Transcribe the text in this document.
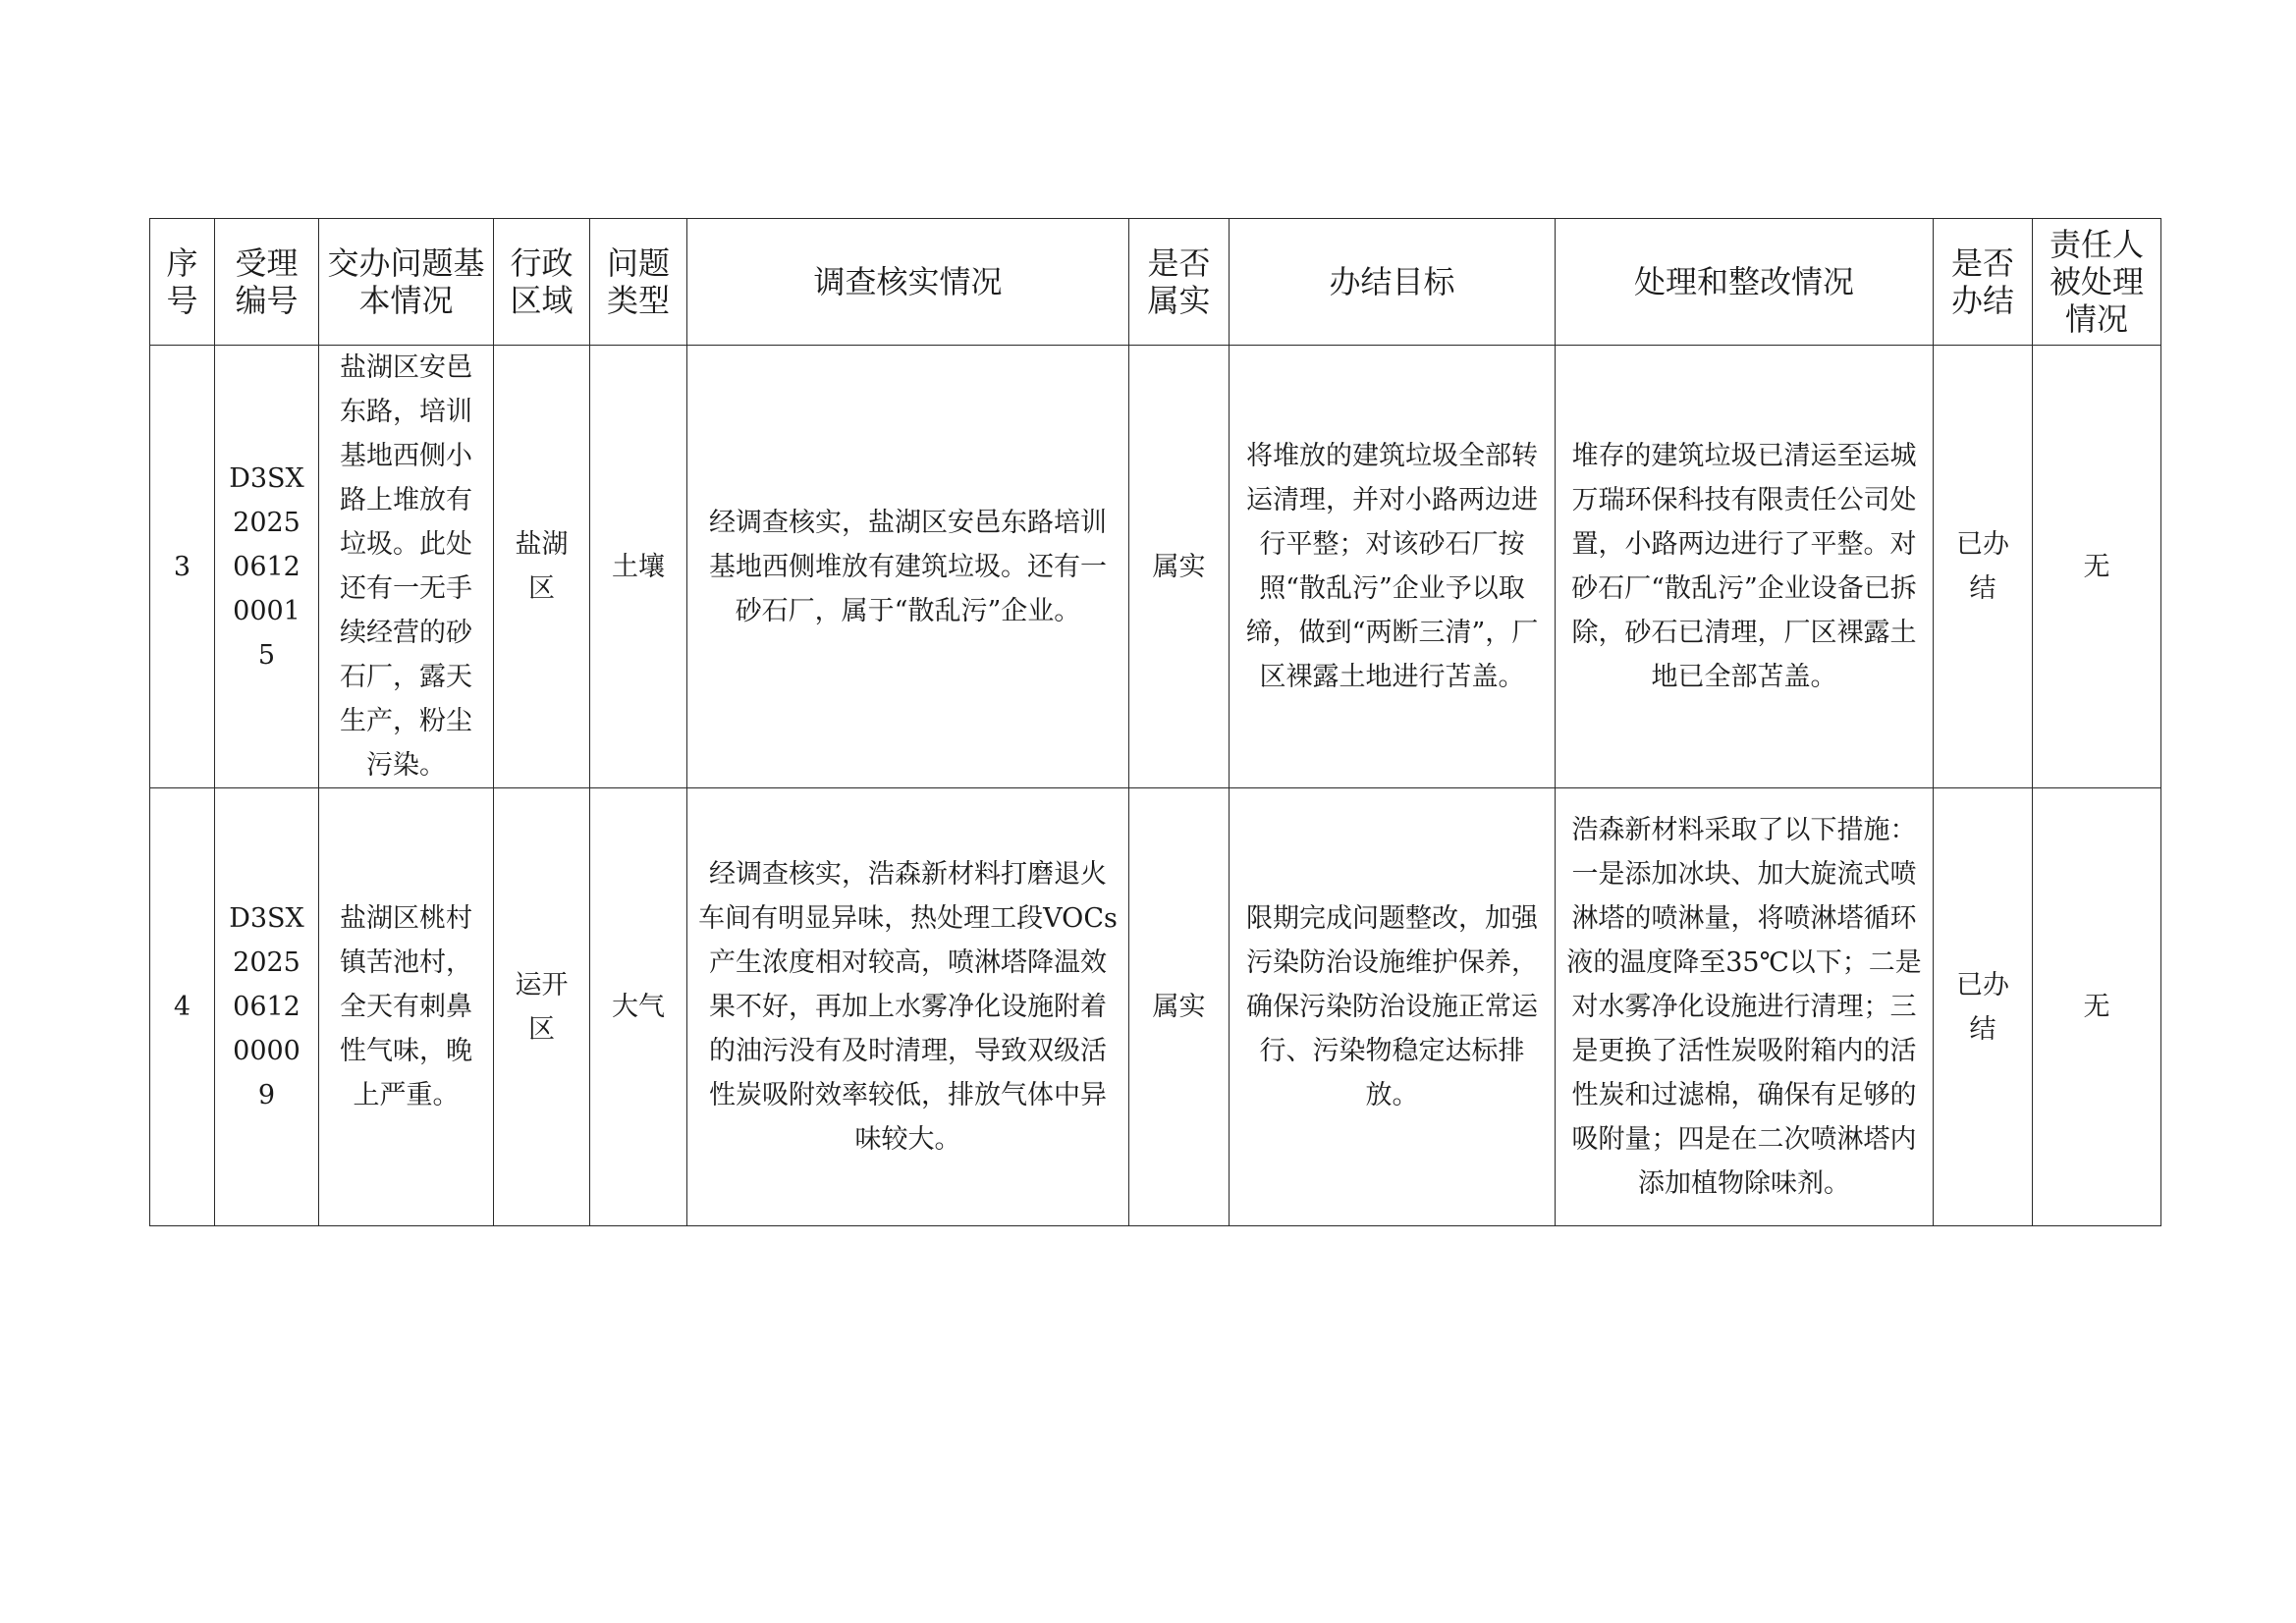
序号	受理编号	交办问题基本情况	行政区域	问题类型	调查核实情况	是否属实	办结目标	处理和整改情况	是否办结	责任人被处理情况
3	D3SX2025061200015	盐湖区安邑东路，培训基地西侧小路上堆放有垃圾。此处还有一无手续经营的砂石厂，露天生产，粉尘污染。	盐湖区	土壤	经调查核实，盐湖区安邑东路培训基地西侧堆放有建筑垃圾。还有一砂石厂，属于“散乱污”企业。	属实	将堆放的建筑垃圾全部转运清理，并对小路两边进行平整；对该砂石厂按照“散乱污”企业予以取缔，做到“两断三清”，厂区裸露土地进行苫盖。	堆存的建筑垃圾已清运至运城万瑞环保科技有限责任公司处置，小路两边进行了平整。对砂石厂“散乱污”企业设备已拆除，砂石已清理，厂区裸露土地已全部苫盖。	已办结	无
4	D3SX2025061200009	盐湖区桃村镇苦池村，全天有刺鼻性气味，晚上严重。	运开区	大气	经调查核实，浩森新材料打磨退火车间有明显异味，热处理工段VOCs产生浓度相对较高，喷淋塔降温效果不好，再加上水雾净化设施附着的油污没有及时清理，导致双级活性炭吸附效率较低，排放气体中异味较大。	属实	限期完成问题整改，加强污染防治设施维护保养，确保污染防治设施正常运行、污染物稳定达标排放。	浩森新材料采取了以下措施：一是添加冰块、加大旋流式喷淋塔的喷淋量，将喷淋塔循环液的温度降至35℃以下；二是对水雾净化设施进行清理；三是更换了活性炭吸附箱内的活性炭和过滤棉，确保有足够的吸附量；四是在二次喷淋塔内添加植物除味剂。	已办结	无
